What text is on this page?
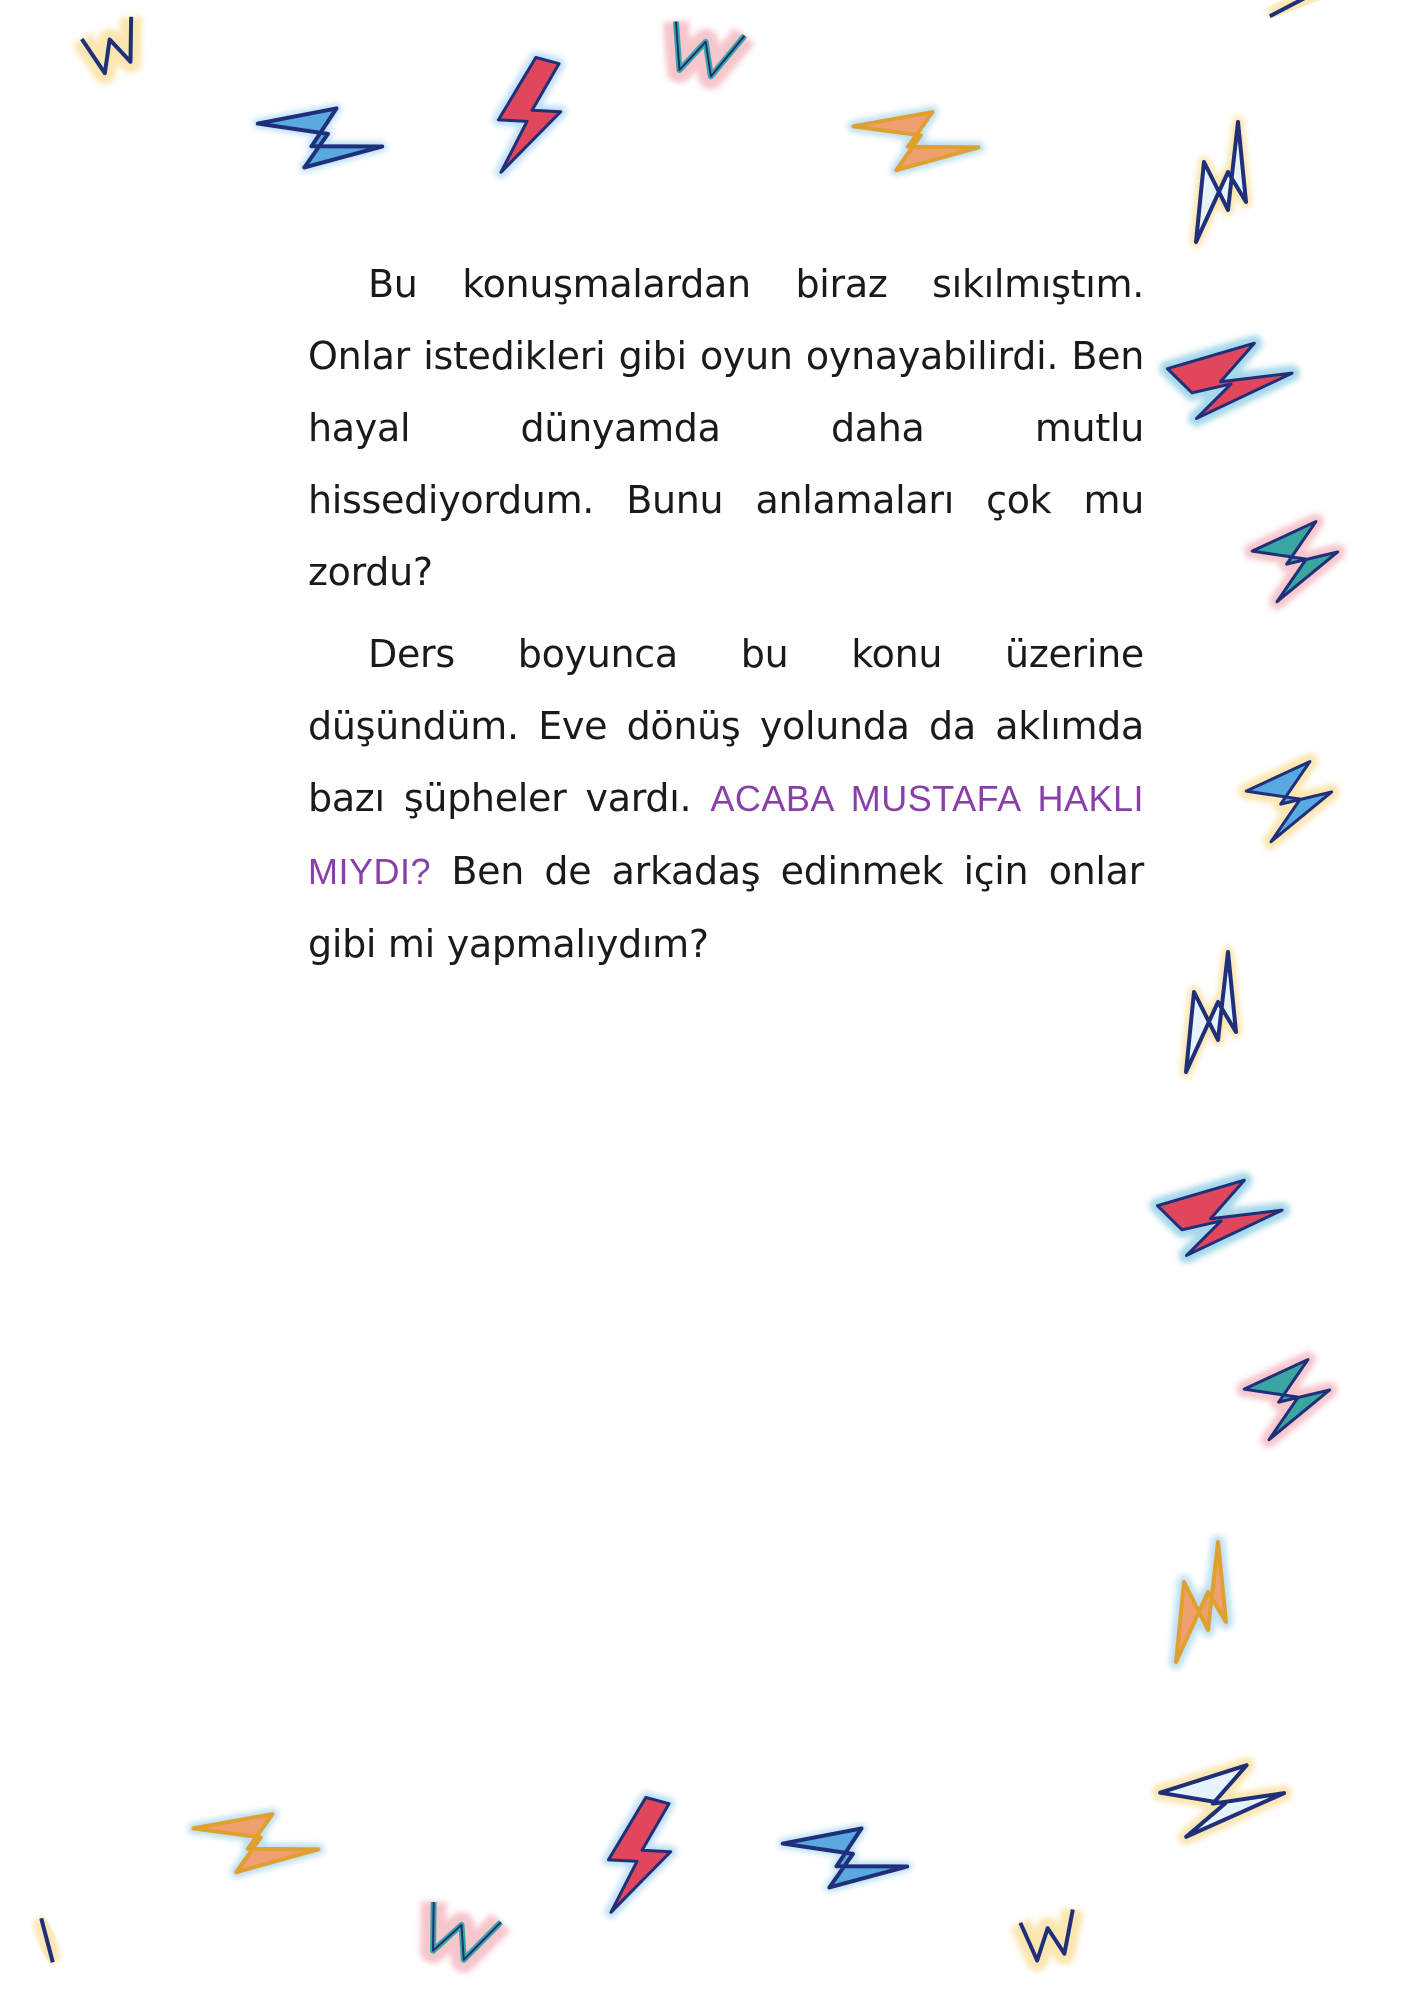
Bu konuşmalardan biraz sıkılmıştım. Onlar istedikleri gibi oyun oynayabilirdi. Ben hayal dünyamda daha mutlu hissediyordum. Bunu anlamaları çok mu zordu?

Ders boyunca bu konu üzerine düşündüm. Eve dönüş yolunda da aklımda bazı şüpheler vardı. ACABA MUSTAFA HAKLI MIYDI? Ben de arkadaş edinmek için onlar gibi mi yapmalıydım?
